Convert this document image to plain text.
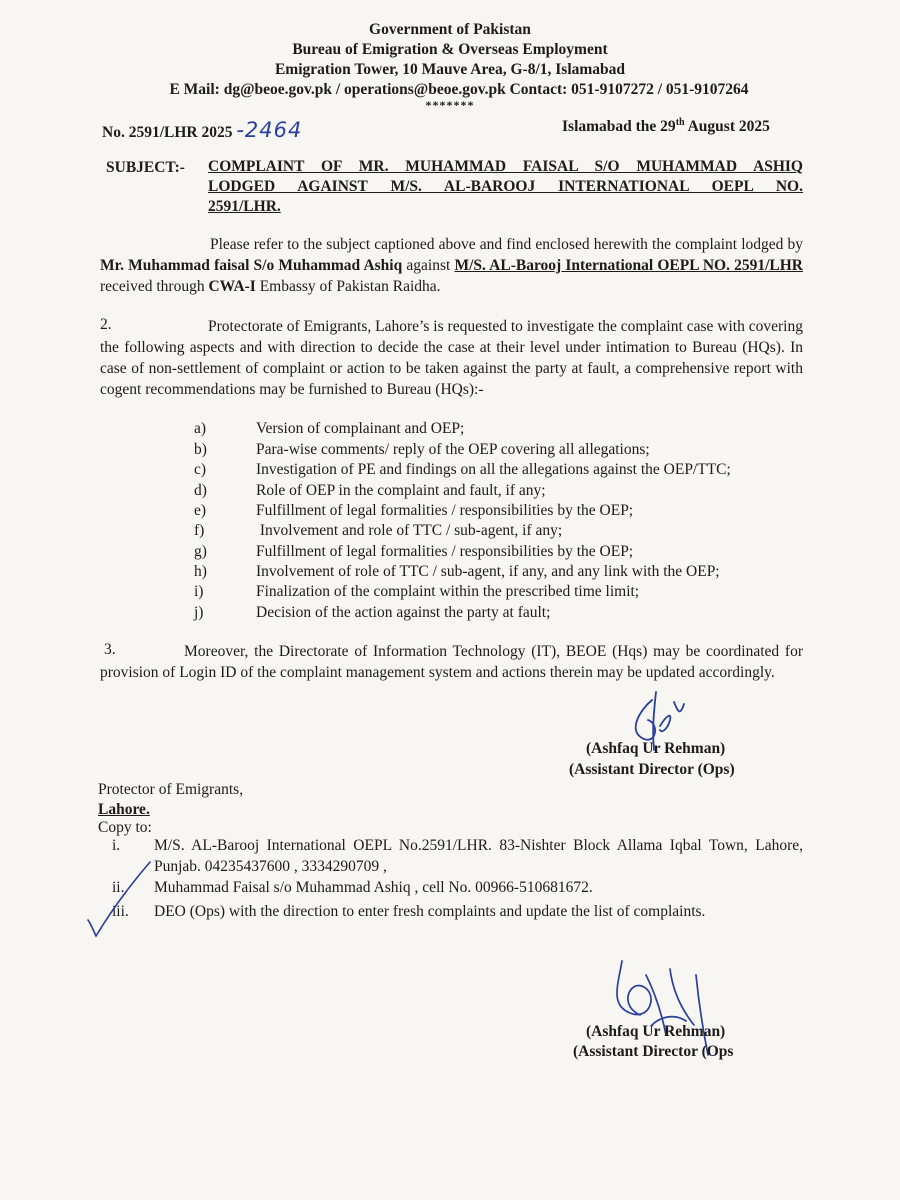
Government of Pakistan
Bureau of Emigration & Overseas Employment
Emigration Tower, 10 Mauve Area, G-8/1, Islamabad
E Mail: dg@beoe.gov.pk / operations@beoe.gov.pk Contact: 051-9107272 / 051-9107264
*******
No. 2591/LHR 2025 -2464	Islamabad the 29th August 2025
SUBJECT:- COMPLAINT OF MR. MUHAMMAD FAISAL S/O MUHAMMAD ASHIQ
LODGED AGAINST M/S. AL-BAROOJ INTERNATIONAL OEPL NO.
2591/LHR.

Please refer to the subject captioned above and find enclosed herewith the complaint lodged by Mr. Muhammad faisal S/o Muhammad Ashiq against M/S. AL-Barooj International OEPL NO. 2591/LHR received through CWA-I Embassy of Pakistan Raidha.

2.	Protectorate of Emigrants, Lahore’s is requested to investigate the complaint case with covering the following aspects and with direction to decide the case at their level under intimation to Bureau (HQs). In case of non-settlement of complaint or action to be taken against the party at fault, a comprehensive report with cogent recommendations may be furnished to Bureau (HQs):-

a)	Version of complainant and OEP;
b)	Para-wise comments/ reply of the OEP covering all allegations;
c)	Investigation of PE and findings on all the allegations against the OEP/TTC;
d)	Role of OEP in the complaint and fault, if any;
e)	Fulfillment of legal formalities / responsibilities by the OEP;
f)	Involvement and role of TTC / sub-agent, if any;
g)	Fulfillment of legal formalities / responsibilities by the OEP;
h)	Involvement of role of TTC / sub-agent, if any, and any link with the OEP;
i)	Finalization of the complaint within the prescribed time limit;
j)	Decision of the action against the party at fault;
3.	Moreover, the Directorate of Information Technology (IT), BEOE (Hqs) may be coordinated for provision of Login ID of the complaint management system and actions therein may be updated accordingly.

(Ashfaq Ur Rehman)
(Assistant Director (Ops)
Protector of Emigrants,
Lahore.
Copy to:
i.	M/S. AL-Barooj International OEPL No.2591/LHR. 83-Nishter Block Allama Iqbal Town, Lahore, Punjab. 04235437600 , 3334290709 ,
ii.	Muhammad Faisal s/o Muhammad Ashiq , cell No. 00966-510681672.
iii.	DEO (Ops) with the direction to enter fresh complaints and update the list of complaints.
(Ashfaq Ur Rehman)
(Assistant Director (Ops
